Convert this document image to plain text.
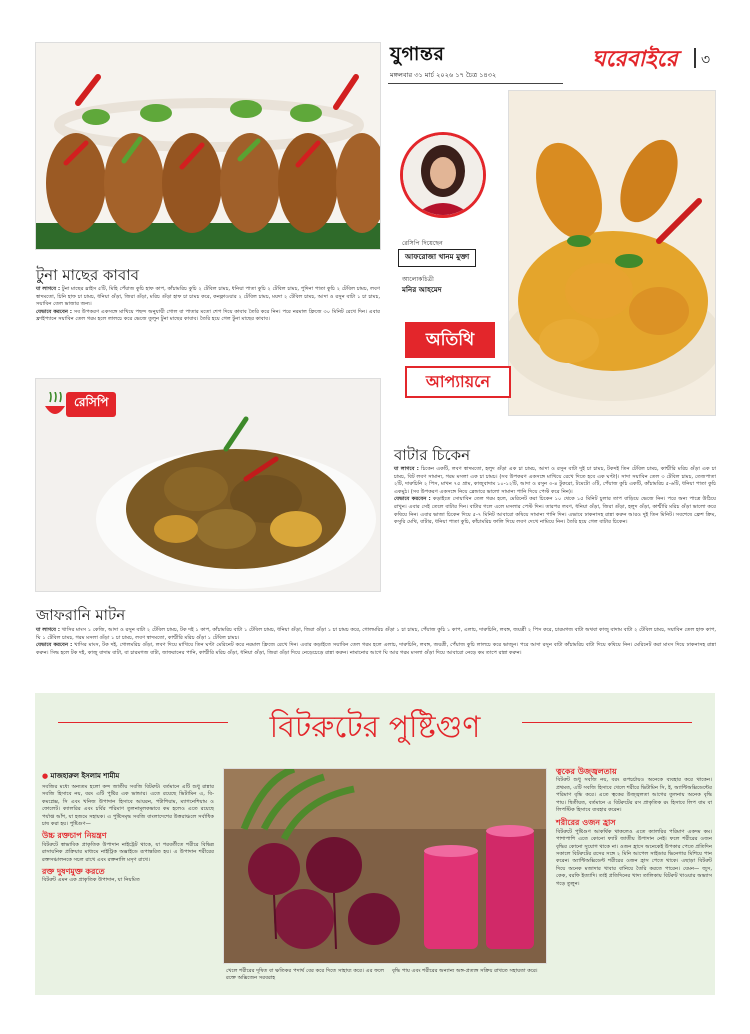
যুগান্তর
মঙ্গলবার ৩১ মার্চ ২০২৬ ১৭ চৈত্র ১৪৩২
ঘরেবাইরে ৩
রেসিপি দিয়েছেন
আফরোজা খানম মুক্তা
আলোকচিত্রী
মনির আহমেদ
টুনা মাছের কাবাব
যা লাগবে : টুনা মাছের স্লাইস ৫টি, মিহি পেঁয়াজ কুচি হাফ কাপ, কাঁচামরিচ কুচি ২ টেবিল চামচ, ধনিয়া পাতা কুচি ২ টেবিল চামচ, পুদিনা পাতা কুচি ২ টেবিল চামচ, লবণ স্বাদমতো, চিনি হাফ চা চামচ, ধনিয়া গুঁড়া, জিরা গুঁড়া, মরিচ গুঁড়া হাফ চা চামচ করে, কনফ্লাওয়ার ২ টেবিল চামচ, ময়দা ২ টেবিল চামচ, আদা ও রসুন বাটা ১ চা চামচ, সয়াবিন তেল ভাজার জন্য।
যেভাবে করবেন : সব উপকরণ একসঙ্গে মাখিয়ে পছন্দ অনুযায়ী গোল বা পাতার মতো শেপ দিয়ে কাবাব তৈরি করে নিন। পরে নরমাল ফ্রিজে ৩০ মিনিট রেখে দিন। এবার ফ্রাইপ্যানে সয়াবিন তেল গরম হলে লালচে করে ভেজে তুলুন টুনা মাছের কাবাব। তৈরি হয়ে গেল টুনা মাছের কাবাব।
রেসিপি
অতিথি
আপ্যায়নে
বাটার চিকেন
যা লাগবে : চিকেন একটি, লবণ স্বাদমতো, হলুদ গুঁড়া এক চা চামচ, আদা ও রসুন বাটা দুই চা চামচ, টকদই তিন টেবিল চামচ, কাশ্মীরি মরিচ গুঁড়া এক চা চামচ, বিট লবণ সামান্য, গরম মসলা এক চা চামচ। (সব উপকরণ একসঙ্গে মাখিয়ে রেখে দিতে হবে এক ঘণ্টা)। সাদা সয়াবিন তেল ৩ টেবিল চামচ, তেজপাতা ২টি, দারুচিনি ২ পিস, মাখন ৭৫ গ্রাম, কাজুবাদাম ১০-১২টি, আদা ও রসুন ৩-৪ টুকরো, টমেটো ৩টি, পেঁয়াজ কুচি একটি, কাঁচামরিচ ৫-৬টি, ধনিয়া পাতা কুচি একমুঠ। (সব উপকরণ একসঙ্গে নিয়ে ব্লেন্ডারে ভালো সামান্য পানি দিয়ে পেস্ট করে নিন)।
যেভাবে করবেন : কড়াইতে সোয়াবিন তেল গরম হলে, মেরিনেট করা চিকেন ১০ থেকে ১৫ মিনিট চুলার তাপ বাড়িয়ে ভেজে নিন। পরে অন্য পাত্রে উঠিয়ে রাখুন। এবার সেই তেলে বাটার দিন। বাটার গলে এলে মসলার পেস্ট দিন। তারপর লবণ, ধনিয়া গুঁড়া, জিরা গুঁড়া, হলুদ গুঁড়া, কাশ্মীরি মরিচ গুঁড়া ভালো করে কষিয়ে নিন। এবার ভাজা চিকেন দিয়ে ৫-৭ মিনিট আবারো কষিয়ে সামান্য পানি দিন। এভাবে ঢাকনাসহ রান্না করুন আরও দুই তিন মিনিট। সবশেষে ফ্রেশ ক্রিম, কসুরি মেথি, বাটার, ধনিয়া পাতা কুচি, কাঁচামরিচ ফালি দিয়ে লবণ দেখে নামিয়ে নিন। তৈরি হয়ে গেল বাটার চিকেন।
জাফরানি মাটন
যা লাগবে : খাসির মাংস ১ কেজি, আদা ও রসুন বাটা ২ টেবিল চামচ, টক দই ১ কাপ, কাঁচামরিচ বাটা ১ টেবিল চামচ, ধনিয়া গুঁড়া, জিরা গুঁড়া ১ চা চামচ করে, গোলমরিচ গুঁড়া ১ চা চামচ, পেঁয়াজ কুচি ১ কাপ, এলাচ, দারুচিনি, লবঙ্গ, জয়ত্রী ২ পিস করে, চারমগজ বাটা অথবা কাজু বাদাম বাটা ২ টেবিল চামচ, সয়াবিন তেল হাফ কাপ, ঘি ১ টেবিল চামচ, গরম মসলা গুঁড়া ১ চা চামচ, লবণ স্বাদমতো, কাশ্মীরি মরিচ গুঁড়া ১ টেবিল চামচ।
যেভাবে করবেন : খাসির মাংস, টক দই, গোলমরিচ গুঁড়া, লবণ দিয়ে মাখিয়ে তিন ঘণ্টা মেরিনেট করে নরমাল ফ্রিজে রেখে দিন। এবার কড়াইতে সয়াবিন তেল গরম হলে এলাচ, দারুচিনি, লবঙ্গ, জয়ত্রী, পেঁয়াজ কুচি লালচে করে ভাজুন। পরে আদা রসুন বাটা কাঁচামরিচ বাটা দিয়ে কষিয়ে নিন। মেরিনেট করা মাংস দিয়ে ঢাকনাসহ রান্না করুন। সিদ্ধ হলে টক দই, কাজু বাদাম বাটা, বা চারমগজ বাটা, জাফরানের পানি, কাশ্মীরি মরিচ গুঁড়া, ধনিয়া গুঁড়া, জিরা গুঁড়া দিয়ে নেড়েচেড়ে রান্না করুন। নামানোর আগে ঘি আর গরম মসলা গুঁড়া দিয়ে আবারো নেড়ে কম তাপে রান্না করুন।
বিটরুটের পুষ্টিগুণ
● মাজহারুল ইসলাম শামীম
সবজির মধ্যে অন্যতম হলো কন্দ জাতীয় সবজি বিটরুট। বর্তমানে এটি শুধু রান্নার সবজি হিসাবে নয়, বরং এটি পুষ্টির এক ভান্ডার। এতে রয়েছে ভিটামিন এ, বি-কমপ্লেক্স, সি এবং খনিজ উপাদান হিসাবে আয়রন, পটাশিয়াম, ম্যাগনেশিয়াম ও ফোলেট। ক্যালরির এবং চর্বির পরিমাণ তুলনামূলকভাবে কম হলেও এতে রয়েছে পর্যাপ্ত আঁশ, যা হজমে সহায়ক। এ পুষ্টিসমৃদ্ধ সবজি বাংলাদেশের উত্তরাঞ্চলে সর্বাধিক চাষ করা হয়। পুষ্টিগুণ—
উচ্চ রক্তচাপ নিয়ন্ত্রণ
বিটরুটে স্বাভাবিক প্রাকৃতিক উপাদান নাইট্রেট থাকে, যা পরবর্তীতে শরীরে বিভিন্ন রাসায়নিক প্রক্রিয়ার মাধ্যমে নাইট্রিক অক্সাইডে রূপান্তরিত হয়। এ উপাদান শরীরের রক্তসঞ্চালনকে সচল রাখে এবং রক্তনালি মসৃণ রাখে।
রক্ত দুষণমুক্ত করতে
বিটরুট এমন এক প্রাকৃতিক উপাদান, যা নিয়মিত
খেলে শরীরের দূষিত বা ক্ষতিকর পদার্থ বের করে দিতে সাহায্য করে। এর ফলে রক্তে অক্সিজেন সরবরাহ
বৃদ্ধি পায় এবং শরীরের অন্যান্য অঙ্গ-প্রত্যঙ্গ সক্রিয় রাখতে সহায়তা করে।
ত্বকের উজ্জ্বলতায়
বিটরুট শুধু সবজি নয়, বরং রূপচর্চায়ও অনেকে ব্যবহার করে থাকেন। প্রথমত, এটি সবজি হিসাবে খেলে শরীরে ভিটামিন সি, ই, অ্যান্টিঅক্সিডেন্টের পরিমাণ বৃদ্ধি করে। এতে ত্বকের উজ্জ্বলতা আগের তুলনায় অনেক বৃদ্ধি পায়। দ্বিতীয়ত, বর্তমানে এ বিটরুটের রস প্রাকৃতিক রং হিসাবে লিপ বাম বা লিপস্টিক হিসাবে ব্যবহার করেন।
শরীরের ওজন হ্রাস
বিটরুটে পুষ্টিগুণ আকর্ষিক থাকলেও এতে ক্যালরির পরিমাণ একদম কম। পাশাপাশি এতে কোনো ফ্যাট জাতীয় উপাদান নেই। ফলে শরীরের ওজন বৃদ্ধির কোনো সুযোগ থাকে না। ওজন হ্রাসে অনেকেই উপকার পেতে প্রতিদিন সকালে বিটরুটের রসের সঙ্গে ২ মিনি আপেল সাইডার ভিনেগার মিশিয়ে পান করেন। অ্যান্টিঅক্সিডেন্ট শরীরের ওজন হ্রাস পেতে থাকে। এছাড়া বিটরুট দিয়ে অনেক মজাদার খাবার বানিয়ে তৈরি করতে পারেন। যেমন— জুস, কেক, বরফি ইত্যাদি। তাই প্রতিদিনের খাদ্য তালিকায় বিটরুট খাওয়ার অভ্যাস গড়ে তুলুন।
